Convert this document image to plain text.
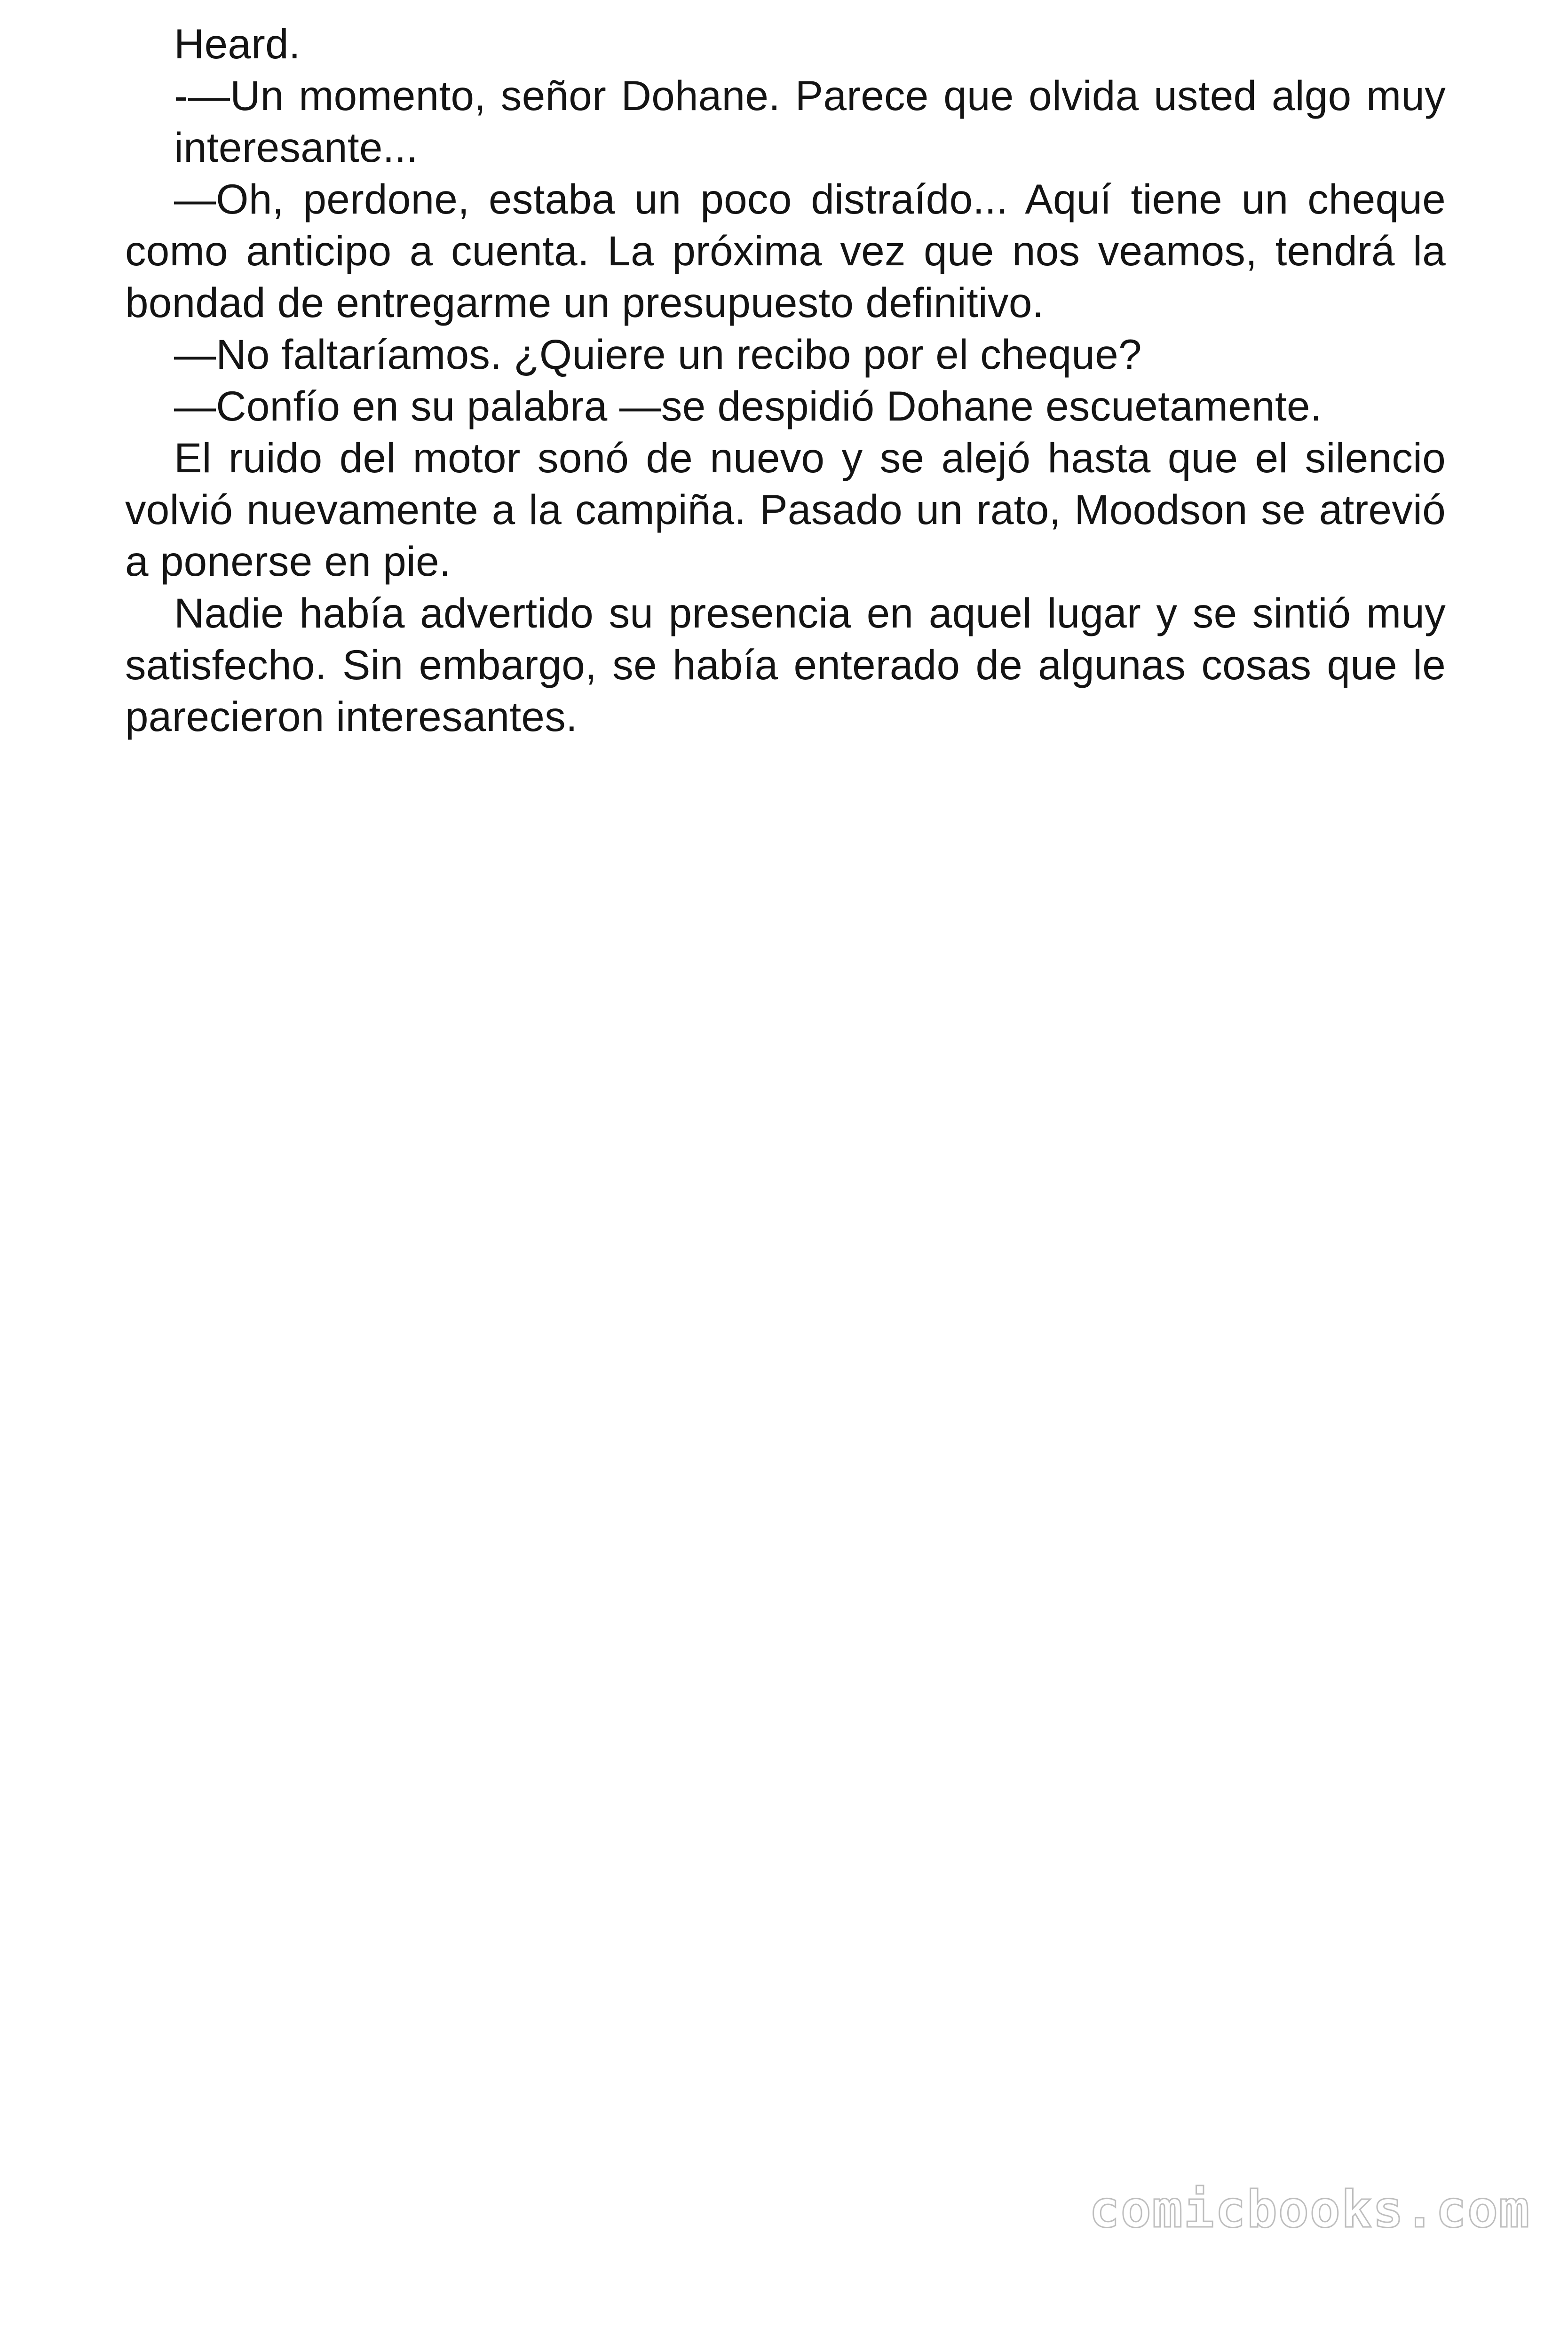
Heard.

-—Un momento, señor Dohane. Parece que olvida usted algo muy interesante...

—Oh, perdone, estaba un poco distraído... Aquí tiene un cheque como anticipo a cuenta. La próxima vez que nos veamos, tendrá la bondad de entregarme un presupuesto definitivo.

—No faltaríamos. ¿Quiere un recibo por el cheque?

—Confío en su palabra —se despidió Dohane escuetamente.

El ruido del motor sonó de nuevo y se alejó hasta que el silencio volvió nuevamente a la campiña. Pasado un rato, Moodson se atrevió a ponerse en pie.

Nadie había advertido su presencia en aquel lugar y se sintió muy satisfecho. Sin embargo, se había enterado de algunas cosas que le parecieron interesantes.

comicbooks.com
